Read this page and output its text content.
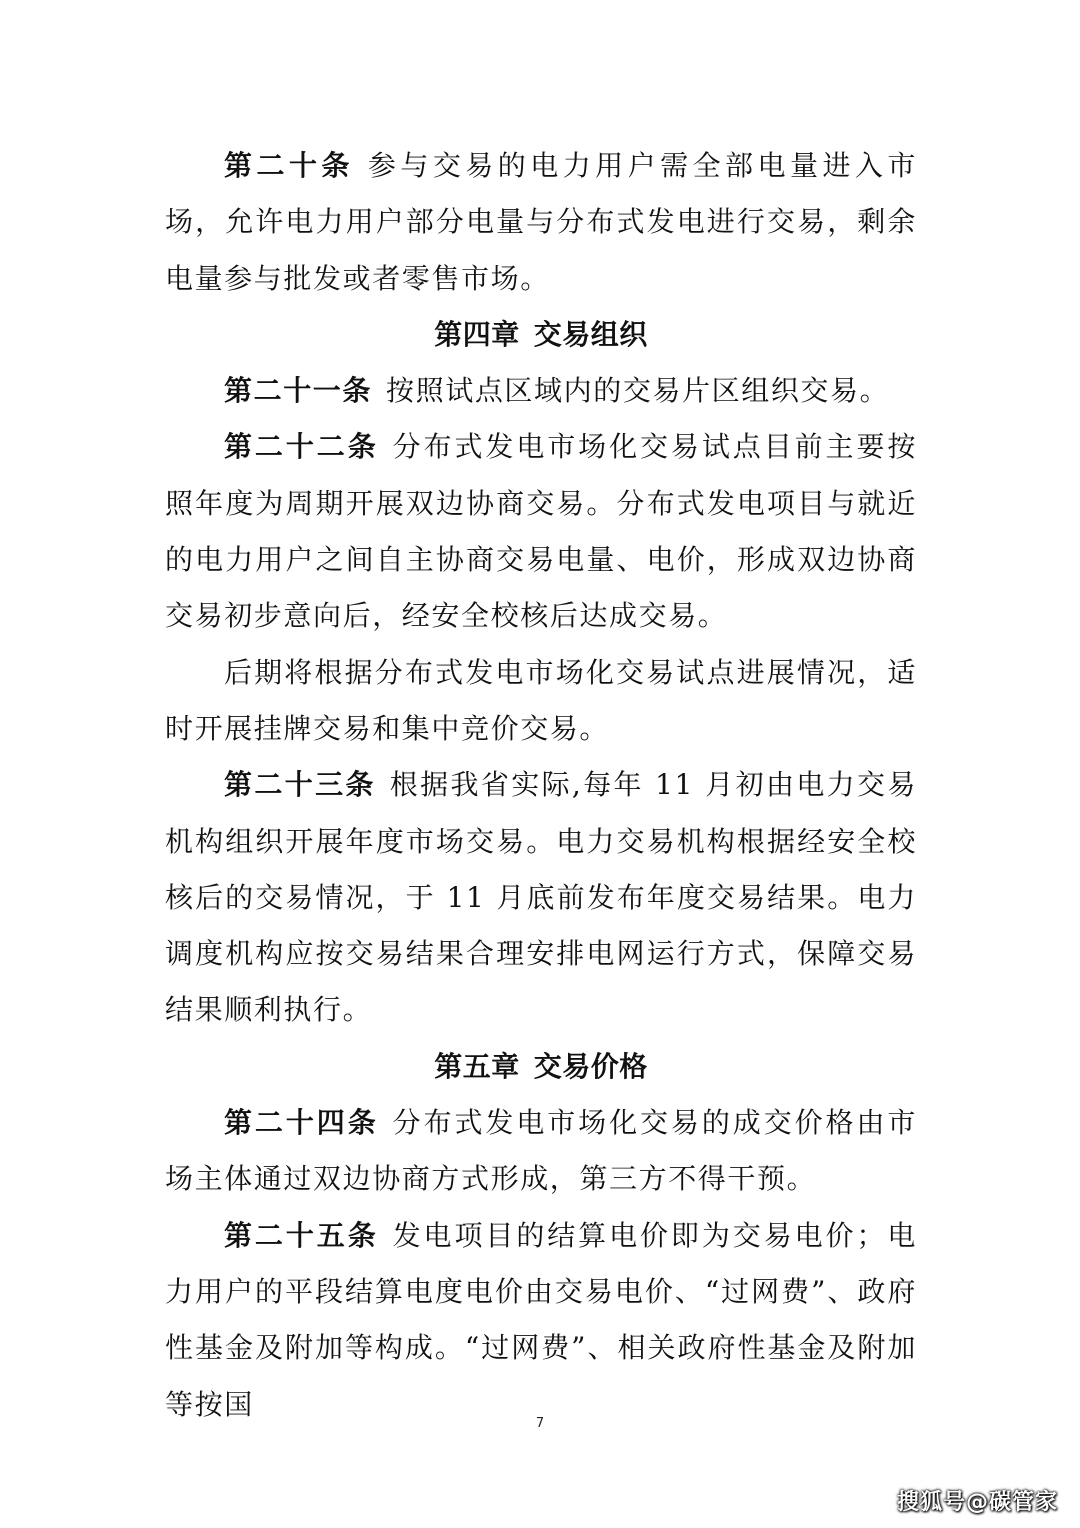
第二十条 参与交易的电力用户需全部电量进入市场，允许电力用户部分电量与分布式发电进行交易，剩余电量参与批发或者零售市场。

第四章 交易组织

第二十一条 按照试点区域内的交易片区组织交易。

第二十二条 分布式发电市场化交易试点目前主要按照年度为周期开展双边协商交易。分布式发电项目与就近的电力用户之间自主协商交易电量、电价，形成双边协商交易初步意向后，经安全校核后达成交易。

后期将根据分布式发电市场化交易试点进展情况，适时开展挂牌交易和集中竞价交易。

第二十三条 根据我省实际,每年 11 月初由电力交易机构组织开展年度市场交易。电力交易机构根据经安全校核后的交易情况，于 11 月底前发布年度交易结果。电力调度机构应按交易结果合理安排电网运行方式，保障交易结果顺利执行。

第五章 交易价格

第二十四条 分布式发电市场化交易的成交价格由市场主体通过双边协商方式形成，第三方不得干预。

第二十五条 发电项目的结算电价即为交易电价；电力用户的平段结算电度电价由交易电价、“过网费”、政府性基金及附加等构成。“过网费”、相关政府性基金及附加等按国

7
搜狐号@碳管家
